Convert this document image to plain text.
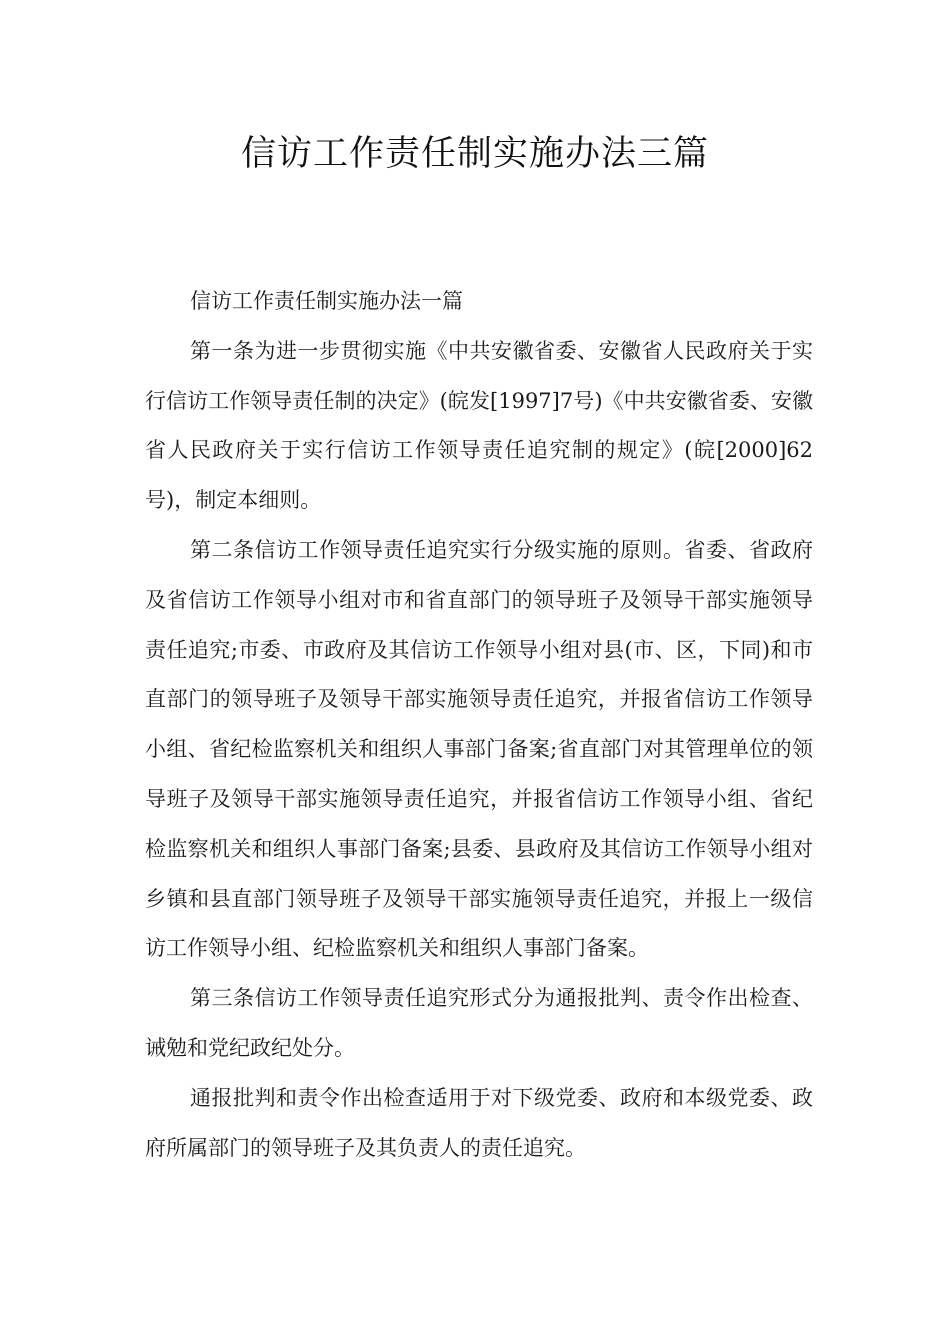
信访工作责任制实施办法三篇

信访工作责任制实施办法一篇

第一条为进一步贯彻实施《中共安徽省委、安徽省人民政府关于实行信访工作领导责任制的决定》(皖发[1997]7号)《中共安徽省委、安徽省人民政府关于实行信访工作领导责任追究制的规定》(皖[2000]62号)，制定本细则。

第二条信访工作领导责任追究实行分级实施的原则。省委、省政府及省信访工作领导小组对市和省直部门的领导班子及领导干部实施领导责任追究;市委、市政府及其信访工作领导小组对县(市、区，下同)和市直部门的领导班子及领导干部实施领导责任追究，并报省信访工作领导小组、省纪检监察机关和组织人事部门备案;省直部门对其管理单位的领导班子及领导干部实施领导责任追究，并报省信访工作领导小组、省纪检监察机关和组织人事部门备案;县委、县政府及其信访工作领导小组对乡镇和县直部门领导班子及领导干部实施领导责任追究，并报上一级信访工作领导小组、纪检监察机关和组织人事部门备案。

第三条信访工作领导责任追究形式分为通报批判、责令作出检查、诫勉和党纪政纪处分。

通报批判和责令作出检查适用于对下级党委、政府和本级党委、政府所属部门的领导班子及其负责人的责任追究。
